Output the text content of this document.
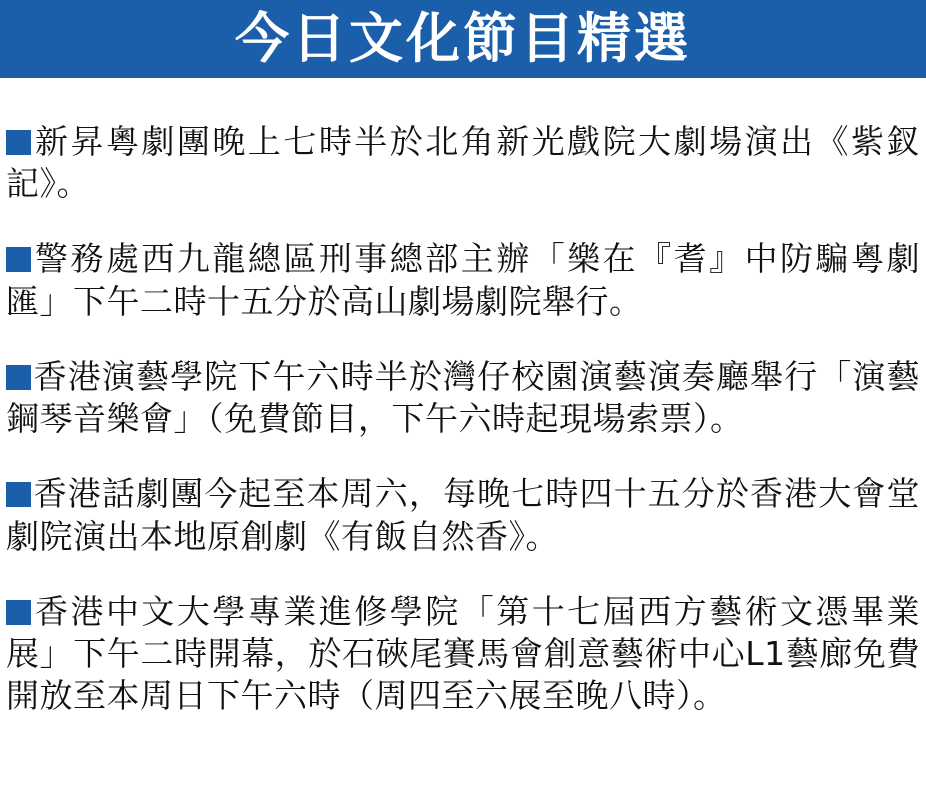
今日文化節目精選

新昇粵劇團晚上七時半於北角新光戲院大劇場演出《紫釵記》。

警務處西九龍總區刑事總部主辦「樂在『耆』中防騙粵劇匯」下午二時十五分於高山劇場劇院舉行。

香港演藝學院下午六時半於灣仔校園演藝演奏廳舉行「演藝鋼琴音樂會」（免費節目，下午六時起現場索票）。

香港話劇團今起至本周六，每晚七時四十五分於香港大會堂劇院演出本地原創劇《有飯自然香》。

香港中文大學專業進修學院「第十七屆西方藝術文憑畢業展」下午二時開幕，於石硤尾賽馬會創意藝術中心L1藝廊免費開放至本周日下午六時（周四至六展至晚八時）。
